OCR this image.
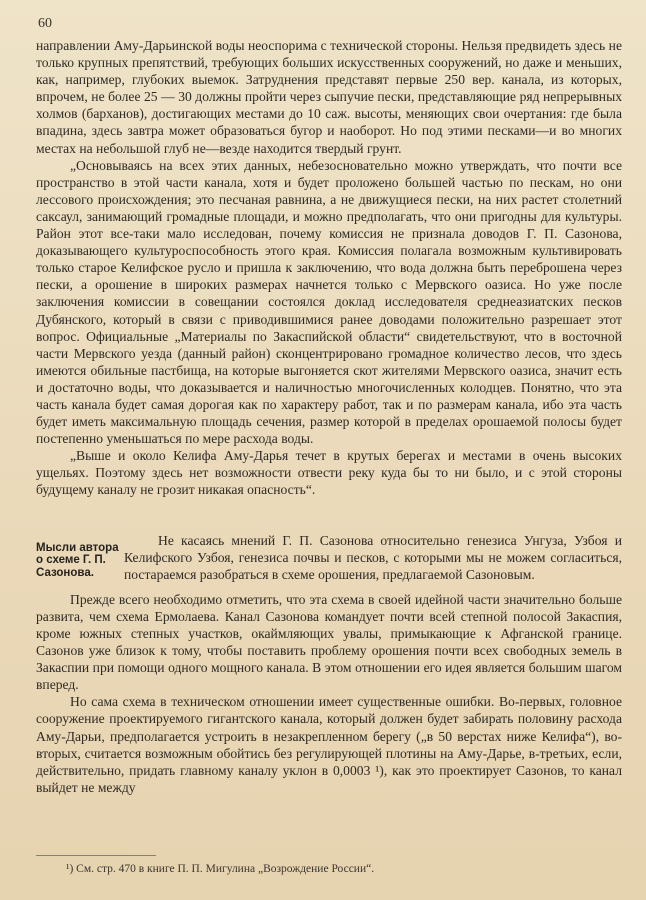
60

направлении Аму-Дарьинской воды неоспорима с технической стороны. Нельзя предвидеть здесь не только крупных препятствий, требующих больших искусственных сооружений, но даже и меньших, как, например, глубоких выемок. Затруднения представят первые 250 вер. канала, из которых, впрочем, не более 25 — 30 должны пройти через сыпучие пески, представляющие ряд непрерывных холмов (барханов), достигающих местами до 10 саж. высоты, меняющих свои очертания: где была впадина, здесь завтра может образоваться бугор и наоборот. Но под этими песками—и во многих местах на небольшой глуб не—везде находится твердый грунт.

„Основываясь на всех этих данных, небезосновательно можно утверждать, что почти все пространство в этой части канала, хотя и будет проложено большей частью по пескам, но они лессового происхождения; это песчаная равнина, а не движущиеся пески, на них растет столетний саксаул, занимающий громадные площади, и можно предполагать, что они пригодны для культуры. Район этот все-таки мало исследован, почему комиссия не признала доводов Г. П. Сазонова, доказывающего культуроспособность этого края. Комиссия полагала возможным культивировать только старое Келифское русло и пришла к заключению, что вода должна быть переброшена через пески, а орошение в широких размерах начнется только с Мервского оазиса. Но уже после заключения комиссии в совещании состоялся доклад исследователя среднеазиатских песков Дубянского, который в связи с приводившимися ранее доводами положительно разрешает этот вопрос. Официальные „Материалы по Закаспийской области“ свидетельствуют, что в восточной части Мервского уезда (данный район) сконцентрировано громадное количество лесов, что здесь имеются обильные пастбища, на которые выгоняется скот жителями Мервского оазиса, значит есть и достаточно воды, что доказывается и наличностью многочисленных колодцев. Понятно, что эта часть канала будет самая дорогая как по характеру работ, так и по размерам канала, ибо эта часть будет иметь максимальную площадь сечения, размер которой в пределах орошаемой полосы будет постепенно уменьшаться по мере расхода воды.

„Выше и около Келифа Аму-Дарья течет в крутых берегах и местами в очень высоких ущельях. Поэтому здесь нет возможности отвести реку куда бы то ни было, и с этой стороны будущему каналу не грозит никакая опасность“.

Мысли автора о схеме Г. П. Сазонова.

Не касаясь мнений Г. П. Сазонова относительно генезиса Унгуза, Узбоя и Келифского Узбоя, генезиса почвы и песков, с которыми мы не можем согласиться, постараемся разобраться в схеме орошения, предлагаемой Сазоновым.

Прежде всего необходимо отметить, что эта схема в своей идейной части значительно больше развита, чем схема Ермолаева. Канал Сазонова командует почти всей степной полосой Закаспия, кроме южных степных участков, окаймляющих увалы, примыкающие к Афганской границе. Сазонов уже близок к тому, чтобы поставить проблему орошения почти всех свободных земель в Закаспии при помощи одного мощного канала. В этом отношении его идея является большим шагом вперед.

Но сама схема в техническом отношении имеет существенные ошибки. Во-первых, головное сооружение проектируемого гигантского канала, который должен будет забирать половину расхода Аму-Дарьи, предполагается устроить в незакрепленном берегу („в 50 верстах ниже Келифа“), во-вторых, считается возможным обойтись без регулирующей плотины на Аму-Дарье, в-третьих, если, действительно, придать главному каналу уклон в 0,0003 ¹), как это проектирует Сазонов, то канал выйдет не между

¹) См. стр. 470 в книге П. П. Мигулина „Возрождение России“.
